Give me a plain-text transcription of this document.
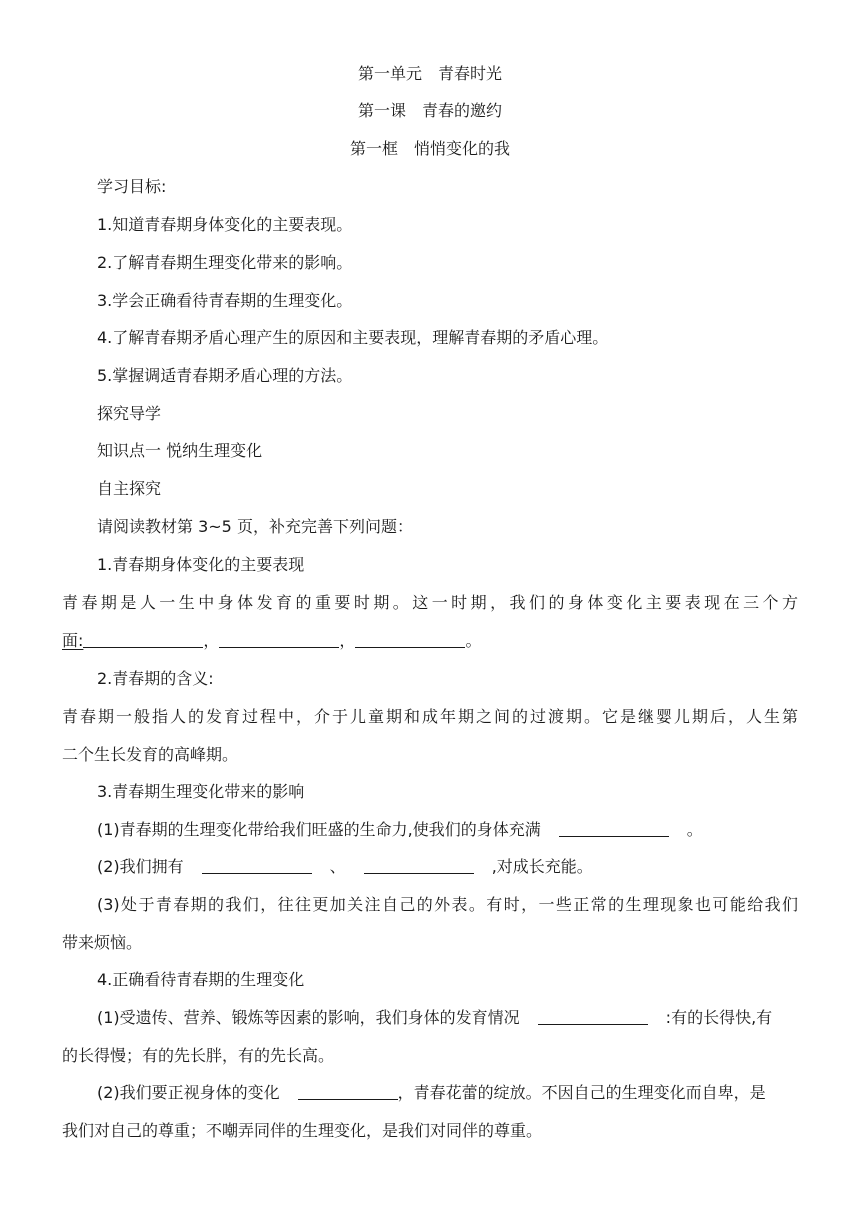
第一单元　青春时光
第一课　青春的邀约
第一框　悄悄变化的我
学习目标:
1.知道青春期身体变化的主要表现。
2.了解青春期生理变化带来的影响。
3.学会正确看待青春期的生理变化。
4.了解青春期矛盾心理产生的原因和主要表现，理解青春期的矛盾心理。
5.掌握调适青春期矛盾心理的方法。
探究导学
知识点一 悦纳生理变化
自主探究
请阅读教材第 3~5 页，补充完善下列问题：
1.青春期身体变化的主要表现
青春期是人一生中身体发育的重要时期。这一时期，我们的身体变化主要表现在三个方
面:	，	，	。
2.青春期的含义:
青春期一般指人的发育过程中，介于儿童期和成年期之间的过渡期。它是继婴儿期后，人生第
二个生长发育的高峰期。
3.青春期生理变化带来的影响
(1)青春期的生理变化带给我们旺盛的生命力,使我们的身体充满	。
(2)我们拥有	、	,对成长充能。
(3)处于青春期的我们，往往更加关注自己的外表。有时，一些正常的生理现象也可能给我们
带来烦恼。
4.正确看待青春期的生理变化
(1)受遗传、营养、锻炼等因素的影响，我们身体的发育情况	:有的长得快,有
的长得慢；有的先长胖，有的先长高。
(2)我们要正视身体的变化	，青春花蕾的绽放。不因自己的生理变化而自卑，是
我们对自己的尊重；不嘲弄同伴的生理变化，是我们对同伴的尊重。
